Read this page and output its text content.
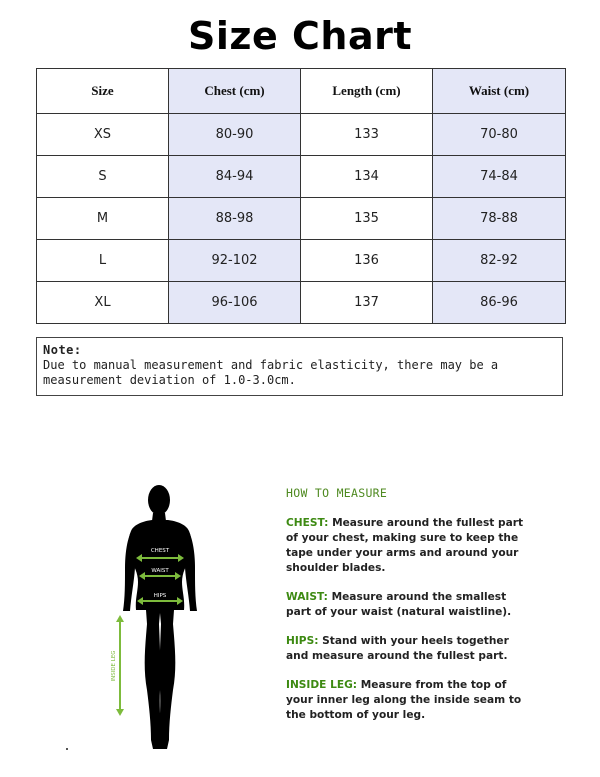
Size Chart
Size	Chest (cm)	Length (cm)	Waist (cm)
XS	80-90	133	70-80
S	84-94	134	74-84
M	88-98	135	78-88
L	92-102	136	82-92
XL	96-106	137	86-96
Note:
Due to manual measurement and fabric elasticity, there may be a measurement deviation of 1.0-3.0cm.
CHEST
WAIST
HIPS
INSIDE LEG
HOW TO MEASURE

CHEST: Measure around the fullest part of your chest, making sure to keep the tape under your arms and around your shoulder blades.

WAIST: Measure around the smallest part of your waist (natural waistline).

HIPS: Stand with your heels together and measure around the fullest part.

INSIDE LEG: Measure from the top of your inner leg along the inside seam to the bottom of your leg.
